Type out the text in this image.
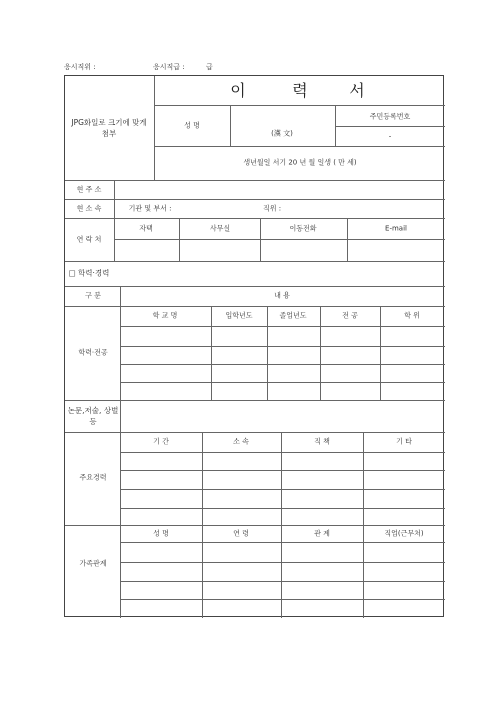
응시직위 :	응시직급 :	급
이	력	서
JPG화일로 크기에 맞게 첨부
성 명
(漢 文)
주민등록번호
-
생년월일 서기 20 년 월 일생 ( 만 세)
현 주 소
현 소 속	기관 및 부서 :	직위 :
연 락 처
자택	사무실	이동전화	E-mail
□ 학력·경력
구 분	내 용
학력·전공
학 교 명	입학년도	졸업년도	전 공	학 위
논문,저술, 상벌 등
주요경력
기 간	소 속	직 책	기 타
가족관계
성 명	연 령	관 계	직업(근무처)
